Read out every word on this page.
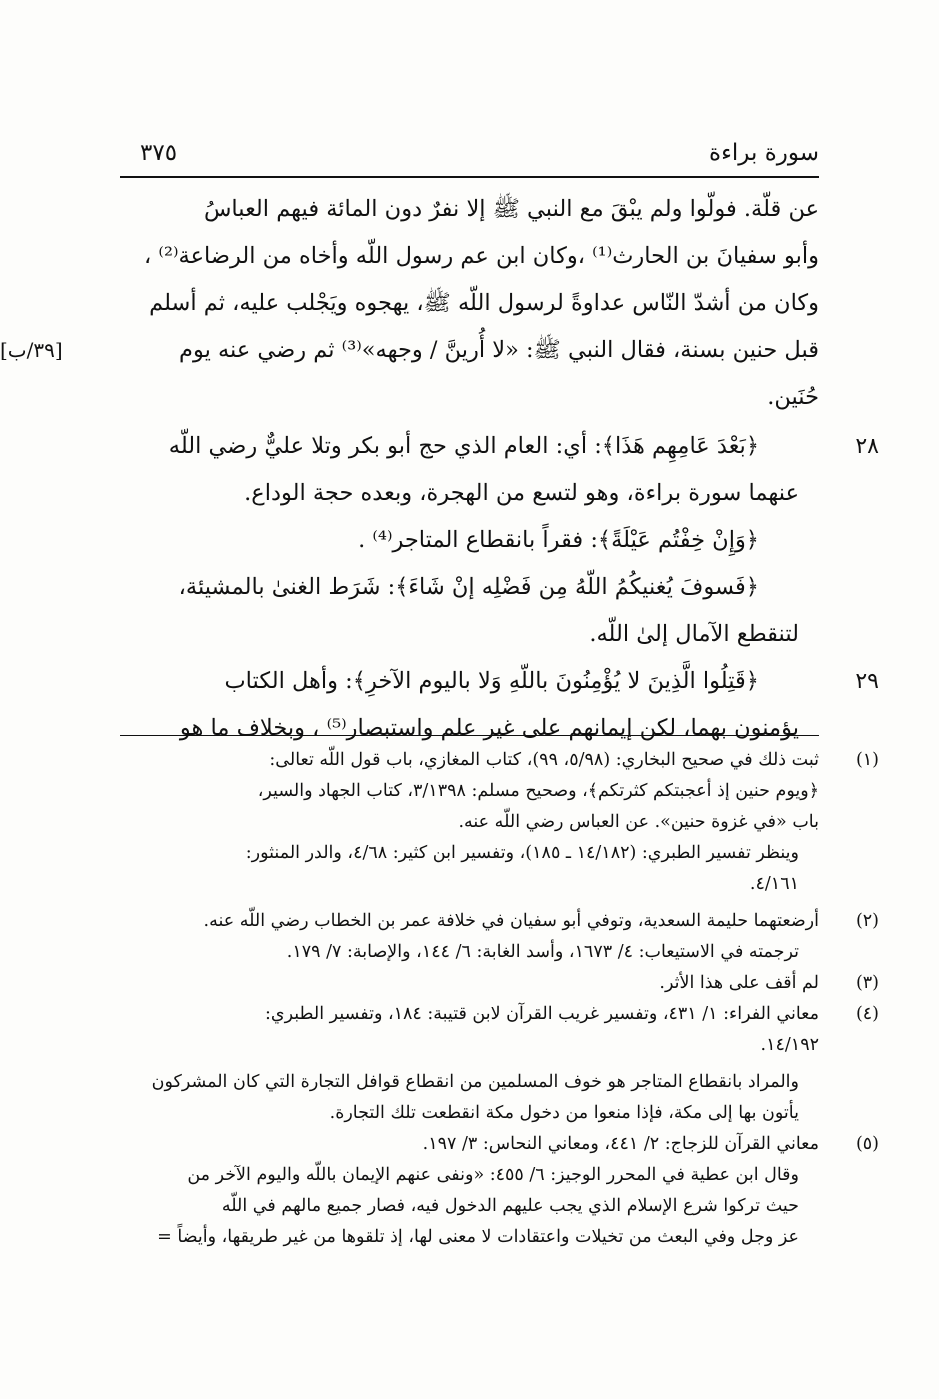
سورة براءة
٣٧٥

عن قلّة. فولّوا ولم يبْقَ مع النبي ﷺ إلا نفرٌ دون المائة فيهم العباسُ

وأبو سفيانَ بن الحارث⁽¹⁾ ،وكان ابن عم رسول اللّه وأخاه من الرضاعة⁽²⁾ ،

وكان من أشدّ النّاس عداوةً لرسول اللّه ﷺ، يهجوه ويَجْلب عليه، ثم أسلم

قبل حنين بسنة، فقال النبي ﷺ: «لا أُرينَّ / وجهه»⁽³⁾ ثم رضي عنه يوم

[٣٩/ب]

حُنَين.

٢٨

﴿بَعْدَ عَامِهِم هَذَا﴾: أي: العام الذي حج أبو بكر وتلا عليٌّ رضي اللّه

عنهما سورة براءة، وهو لتسع من الهجرة، وبعده حجة الوداع.

﴿وَإِنْ خِفْتُم عَيْلَةً﴾: فقراً بانقطاع المتاجر⁽⁴⁾ .

﴿فَسوفَ يُغنيكُمُ اللّهُ مِن فَضْلِه إنْ شَاءَ﴾: شَرَط الغنىٰ بالمشيئة،

لتنقطع الآمال إلىٰ اللّه.

٢٩

﴿قَتِلُوا الَّذِينَ لا يُؤْمِنُونَ باللّهِ وَلا باليوم الآخرِ﴾: وأهل الكتاب

يؤمنون بهما، لكن إيمانهم على غير علم واستبصار⁽⁵⁾ ، وبخلاف ما هو

(١)

ثبت ذلك في صحيح البخاري: (٥/٩٨، ٩٩)، كتاب المغازي، باب قول اللّه تعالى:

﴿ويوم حنين إذ أعجبتكم كثرتكم﴾، وصحيح مسلم: ٣/١٣٩٨، كتاب الجهاد والسير،

باب «في غزوة حنين». عن العباس رضي اللّه عنه.

وينظر تفسير الطبري: (١٤/١٨٢ ـ ١٨٥)، وتفسير ابن كثير: ٤/٦٨، والدر المنثور:

٤/١٦١.

(٢)

أرضعتهما حليمة السعدية، وتوفي أبو سفيان في خلافة عمر بن الخطاب رضي اللّه عنه.

ترجمته في الاستيعاب: ٤/ ١٦٧٣، وأسد الغابة: ٦/ ١٤٤، والإصابة: ٧/ ١٧٩.

(٣)

لم أقف على هذا الأثر.

(٤)

معاني الفراء: ١/ ٤٣١، وتفسير غريب القرآن لابن قتيبة: ١٨٤، وتفسير الطبري:

١٤/١٩٢.

والمراد بانقطاع المتاجر هو خوف المسلمين من انقطاع قوافل التجارة التي كان المشركون

يأتون بها إلى مكة، فإذا منعوا من دخول مكة انقطعت تلك التجارة.

(٥)

معاني القرآن للزجاج: ٢/ ٤٤١، ومعاني النحاس: ٣/ ١٩٧.

وقال ابن عطية في المحرر الوجيز: ٦/ ٤٥٥: «ونفى عنهم الإيمان باللّه واليوم الآخر من

حيث تركوا شرع الإسلام الذي يجب عليهم الدخول فيه، فصار جميع مالهم في اللّه

عز وجل وفي البعث من تخيلات واعتقادات لا معنى لها، إذ تلقوها من غير طريقها، وأيضاً =
